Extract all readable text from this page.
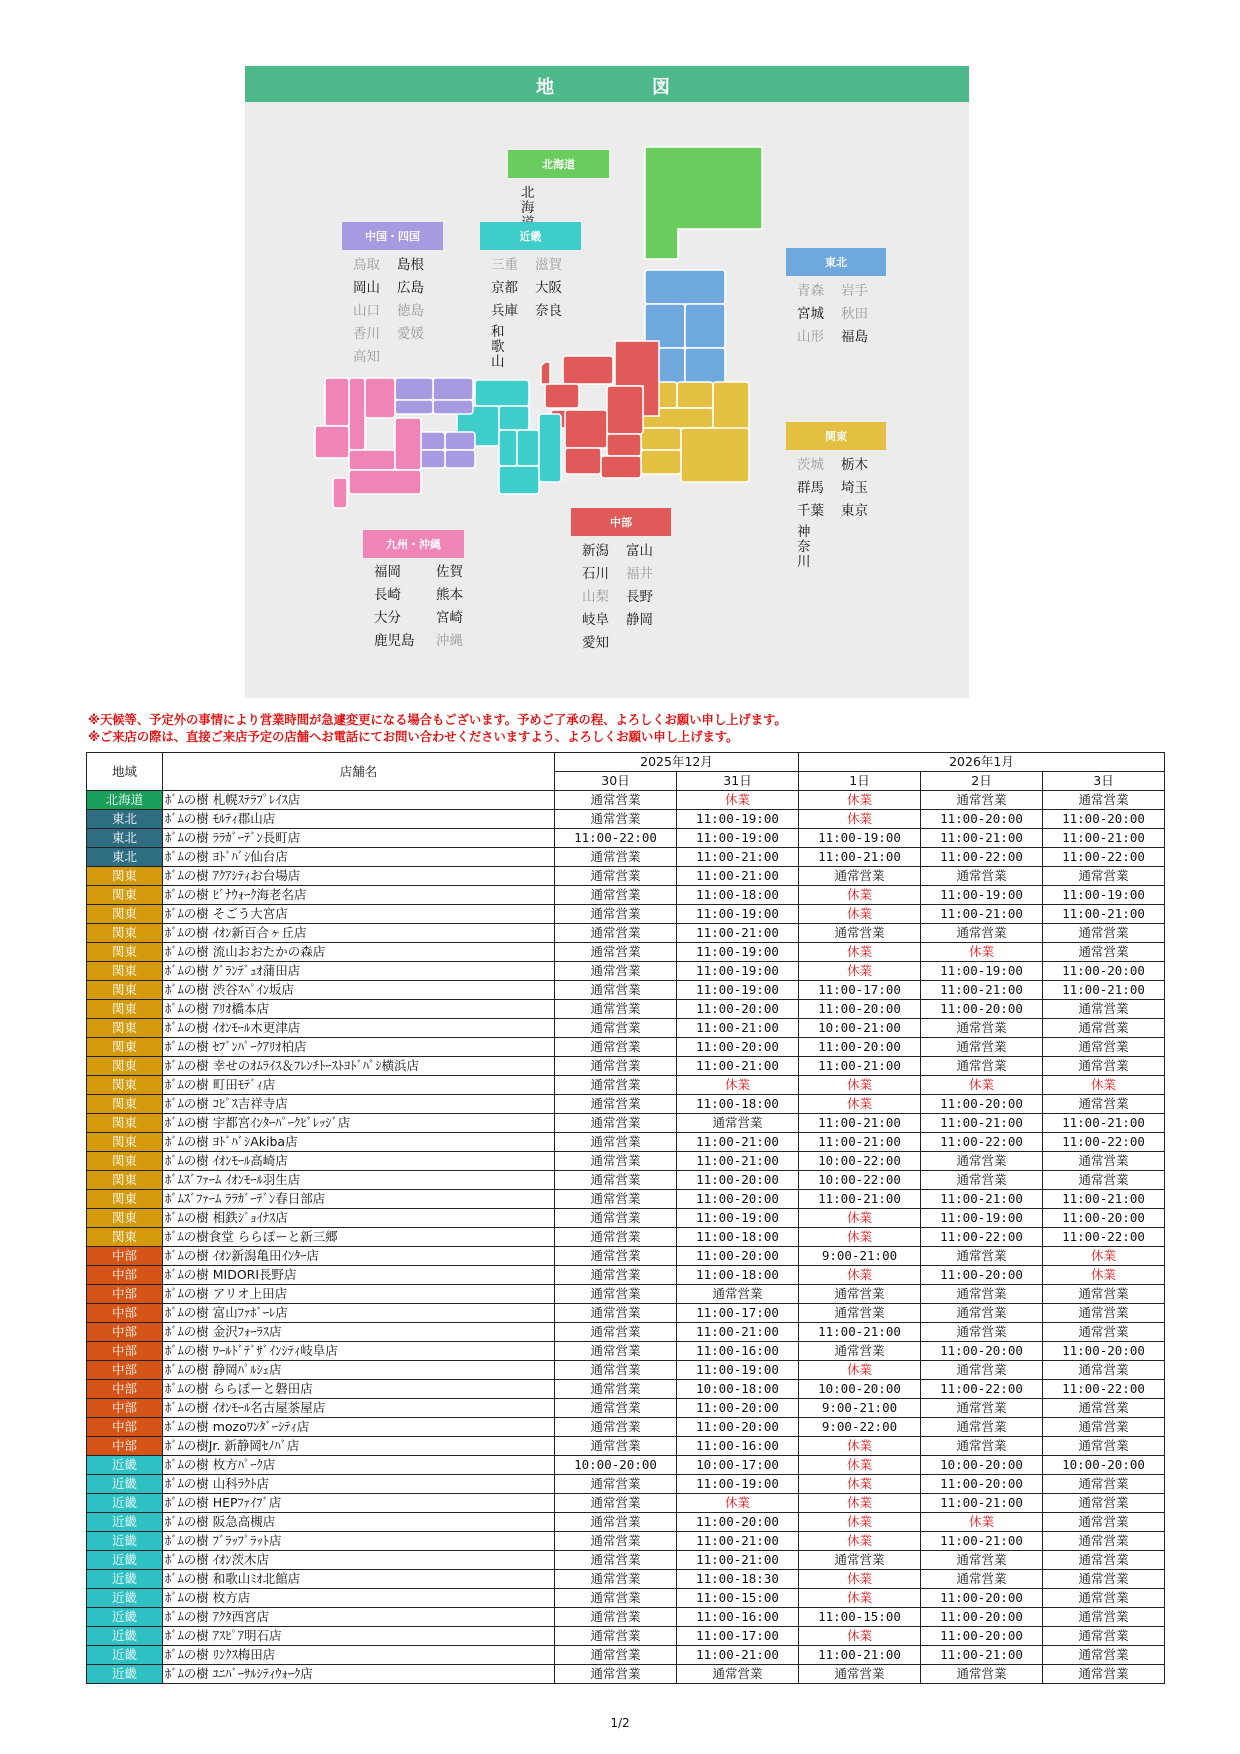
地	図
北海道
北海
中国・四国
鳥取	島根
岡山	広島
山口	徳島
香川	愛媛
高知
近畿
三重	滋賀
京都	大阪
兵庫	奈良
和歌山
東北
青森	岩手
宮城	秋田
山形	福島
関東
茨城	栃木
群馬	埼玉
千葉	東京
神奈川
九州・沖縄
福岡	佐賀
長崎	熊本
大分	宮崎
鹿児島	沖縄
中部
新潟	富山
石川	福井
山梨	長野
岐阜	静岡
愛知
※天候等、予定外の事情により営業時間が急遽変更になる場合もございます。予めご了承の程、よろしくお願い申し上げます。
※ご来店の際は、直接ご来店予定の店舗へお電話にてお問い合わせくださいますよう、よろしくお願い申し上げます。
地域	店舗名	2025年12月		2026年1月		
		30日	31日	1日	2日	3日
北海道	ﾎﾞﾑの樹 札幌ｽﾃﾗﾌﾟﾚｲｽ店	通常営業	休業	休業	通常営業	通常営業
東北	ﾎﾞﾑの樹 ﾓﾙﾃｨ郡山店	通常営業	11:00-19:00	休業	11:00-20:00	11:00-20:00
東北	ﾎﾞﾑの樹 ﾗﾗｶﾞｰﾃﾞﾝ長町店	11:00-22:00	11:00-19:00	11:00-19:00	11:00-21:00	11:00-21:00
東北	ﾎﾞﾑの樹 ﾖﾄﾞﾊﾞｼ仙台店	通常営業	11:00-21:00	11:00-21:00	11:00-22:00	11:00-22:00
関東	ﾎﾞﾑの樹 ｱｸｱｼﾃｨお台場店	通常営業	11:00-21:00	通常営業	通常営業	通常営業
関東	ﾎﾞﾑの樹 ﾋﾞﾅｳｫｰｸ海老名店	通常営業	11:00-18:00	休業	11:00-19:00	11:00-19:00
関東	ﾎﾞﾑの樹 そごう大宮店	通常営業	11:00-19:00	休業	11:00-21:00	11:00-21:00
関東	ﾎﾞﾑの樹 ｲｵﾝ新百合ヶ丘店	通常営業	11:00-21:00	通常営業	通常営業	通常営業
関東	ﾎﾞﾑの樹 流山おおたかの森店	通常営業	11:00-19:00	休業	休業	通常営業
関東	ﾎﾞﾑの樹 ｸﾞﾗﾝﾃﾞｭｵ蒲田店	通常営業	11:00-19:00	休業	11:00-19:00	11:00-20:00
関東	ﾎﾞﾑの樹 渋谷ｽﾍﾟｲﾝ坂店	通常営業	11:00-19:00	11:00-17:00	11:00-21:00	11:00-21:00
関東	ﾎﾞﾑの樹 ｱﾘｵ橋本店	通常営業	11:00-20:00	11:00-20:00	11:00-20:00	通常営業
関東	ﾎﾞﾑの樹 ｲｵﾝﾓｰﾙ木更津店	通常営業	11:00-21:00	10:00-21:00	通常営業	通常営業
関東	ﾎﾞﾑの樹 ｾﾌﾞﾝﾊﾟｰｸｱﾘｵ柏店	通常営業	11:00-20:00	11:00-20:00	通常営業	通常営業
関東	ﾎﾞﾑの樹 幸せのｵﾑﾗｲｽ＆ﾌﾚﾝﾁﾄｰｽﾄﾖﾄﾞﾊﾞｼ横浜店	通常営業	11:00-21:00	11:00-21:00	通常営業	通常営業
関東	ﾎﾞﾑの樹 町田ﾓﾃﾞｨ店	通常営業	休業	休業	休業	休業
関東	ﾎﾞﾑの樹 ｺﾋﾟｽ吉祥寺店	通常営業	11:00-18:00	休業	11:00-20:00	通常営業
関東	ﾎﾞﾑの樹 宇都宮ｲﾝﾀｰﾊﾟｰｸﾋﾞﾚｯｼﾞ店	通常営業	通常営業	11:00-21:00	11:00-21:00	11:00-21:00
関東	ﾎﾞﾑの樹 ﾖﾄﾞﾊﾞｼAkiba店	通常営業	11:00-21:00	11:00-21:00	11:00-22:00	11:00-22:00
関東	ﾎﾞﾑの樹 ｲｵﾝﾓｰﾙ高崎店	通常営業	11:00-21:00	10:00-22:00	通常営業	通常営業
関東	ﾎﾞﾑｽﾞﾌｧｰﾑ ｲｵﾝﾓｰﾙ羽生店	通常営業	11:00-20:00	10:00-22:00	通常営業	通常営業
関東	ﾎﾞﾑｽﾞﾌｧｰﾑ ﾗﾗｶﾞｰﾃﾞﾝ春日部店	通常営業	11:00-20:00	11:00-21:00	11:00-21:00	11:00-21:00
関東	ﾎﾞﾑの樹 相鉄ｼﾞｮｲﾅｽ店	通常営業	11:00-19:00	休業	11:00-19:00	11:00-20:00
関東	ﾎﾞﾑの樹食堂 ららぽーと新三郷	通常営業	11:00-18:00	休業	11:00-22:00	11:00-22:00
中部	ﾎﾞﾑの樹 ｲｵﾝ新潟亀田ｲﾝﾀｰ店	通常営業	11:00-20:00	9:00-21:00	通常営業	休業
中部	ﾎﾞﾑの樹 MIDORI長野店	通常営業	11:00-18:00	休業	11:00-20:00	休業
中部	ﾎﾞﾑの樹 アリオ上田店	通常営業	通常営業	通常営業	通常営業	通常営業
中部	ﾎﾞﾑの樹 富山ﾌｧﾎﾞｰﾚ店	通常営業	11:00-17:00	通常営業	通常営業	通常営業
中部	ﾎﾞﾑの樹 金沢ﾌｫｰﾗｽ店	通常営業	11:00-21:00	11:00-21:00	通常営業	通常営業
中部	ﾎﾞﾑの樹 ﾜｰﾙﾄﾞﾃﾞｻﾞｲﾝｼﾃｨ岐阜店	通常営業	11:00-16:00	通常営業	11:00-20:00	11:00-20:00
中部	ﾎﾞﾑの樹 静岡ﾊﾟﾙｼｪ店	通常営業	11:00-19:00	休業	通常営業	通常営業
中部	ﾎﾞﾑの樹 ららぽーと磐田店	通常営業	10:00-18:00	10:00-20:00	11:00-22:00	11:00-22:00
中部	ﾎﾞﾑの樹 ｲｵﾝﾓｰﾙ名古屋茶屋店	通常営業	11:00-20:00	9:00-21:00	通常営業	通常営業
中部	ﾎﾞﾑの樹 mozoﾜﾝﾀﾞｰｼﾃｨ店	通常営業	11:00-20:00	9:00-22:00	通常営業	通常営業
中部	ﾎﾞﾑの樹Jr. 新静岡ｾﾉﾊﾞ店	通常営業	11:00-16:00	休業	通常営業	通常営業
近畿	ﾎﾞﾑの樹 枚方ﾊﾟｰｸ店	10:00-20:00	10:00-17:00	休業	10:00-20:00	10:00-20:00
近畿	ﾎﾞﾑの樹 山科ﾗｸﾄ店	通常営業	11:00-19:00	休業	11:00-20:00	通常営業
近畿	ﾎﾞﾑの樹 HEPﾌｧｲﾌﾞ店	通常営業	休業	休業	11:00-21:00	通常営業
近畿	ﾎﾞﾑの樹 阪急高槻店	通常営業	11:00-20:00	休業	休業	通常営業
近畿	ﾎﾞﾑの樹 ﾌﾞﾗｯﾌﾟﾗｯﾄ店	通常営業	11:00-21:00	休業	11:00-21:00	通常営業
近畿	ﾎﾞﾑの樹 ｲｵﾝ茨木店	通常営業	11:00-21:00	通常営業	通常営業	通常営業
近畿	ﾎﾞﾑの樹 和歌山ﾐｵ北館店	通常営業	11:00-18:30	休業	通常営業	通常営業
近畿	ﾎﾞﾑの樹 枚方店	通常営業	11:00-15:00	休業	11:00-20:00	通常営業
近畿	ﾎﾞﾑの樹 ｱｸﾀ西宮店	通常営業	11:00-16:00	11:00-15:00	11:00-20:00	通常営業
近畿	ﾎﾞﾑの樹 ｱｽﾋﾟｱ明石店	通常営業	11:00-17:00	休業	11:00-20:00	通常営業
近畿	ﾎﾞﾑの樹 ﾘﾝｸｽ梅田店	通常営業	11:00-21:00	11:00-21:00	11:00-21:00	通常営業
近畿	ﾎﾞﾑの樹 ﾕﾆﾊﾞｰｻﾙｼﾃｨｳｫｰｸ店	通常営業	通常営業	通常営業	通常営業	通常営業
1/2
